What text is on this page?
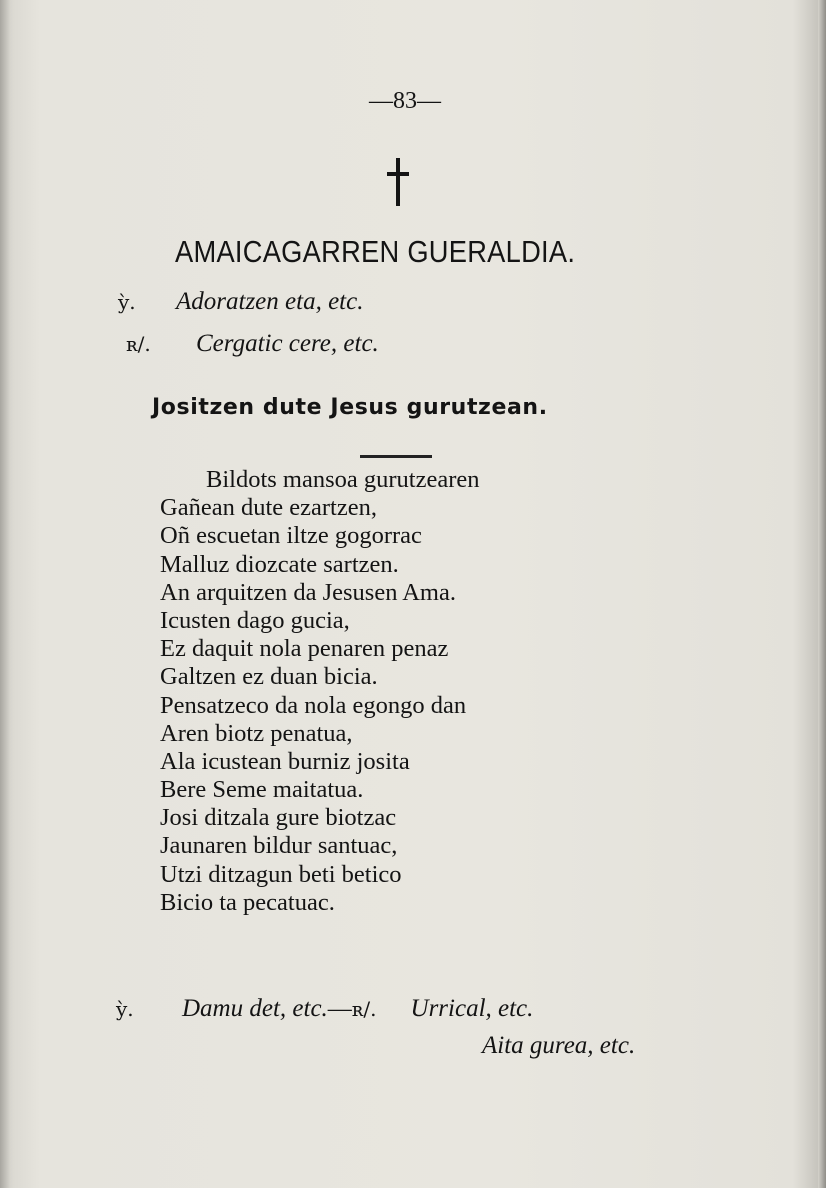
—83—
AMAICAGARREN GUERALDIA.
ỳ. Adoratzen eta, etc.
ʀ/. Cergatic cere, etc.
Jositzen dute Jesus gurutzean.
Bildots mansoa gurutzearen
Gañean dute ezartzen,
Oñ escuetan iltze gogorrac
Malluz diozcate sartzen.
An arquitzen da Jesusen Ama.
Icusten dago gucia,
Ez daquit nola penaren penaz
Galtzen ez duan bicia.
Pensatzeco da nola egongo dan
Aren biotz penatua,
Ala icustean burniz josita
Bere Seme maitatua.
Josi ditzala gure biotzac
Jaunaren bildur santuac,
Utzi ditzagun beti betico
Bicio ta pecatuac.
ỳ. Damu det, etc.—ʀ/. Urrical, etc.
Aita gurea, etc.
